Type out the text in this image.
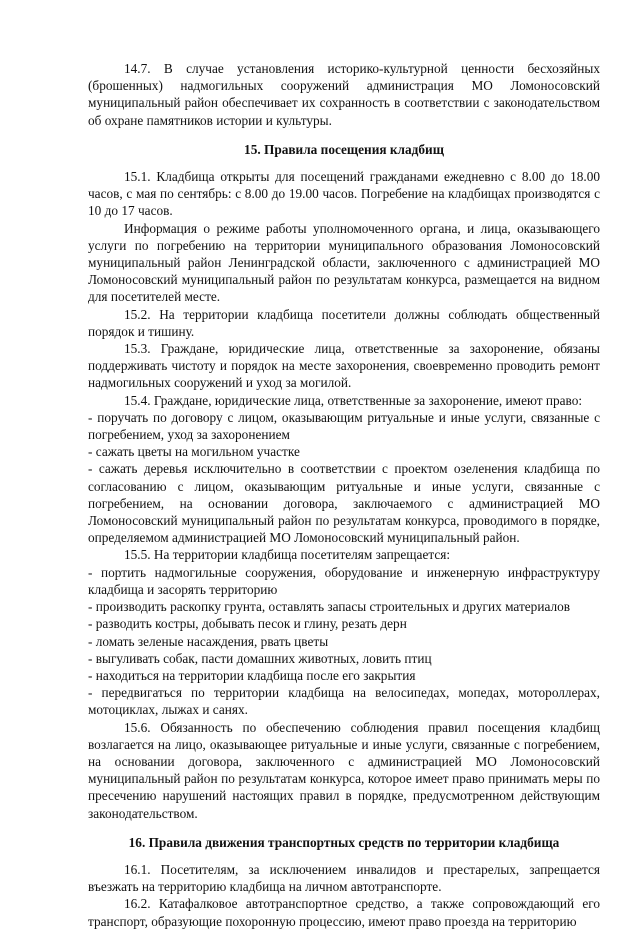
14.7. В случае установления историко-культурной ценности бесхозяйных (брошенных) надмогильных сооружений администрация МО Ломоносовский муниципальный район обеспечивает их сохранность в соответствии с законодательством об охране памятников истории и культуры.

15. Правила посещения кладбищ

15.1. Кладбища открыты для посещений гражданами ежедневно с 8.00 до 18.00 часов, с мая по сентябрь: с 8.00 до 19.00 часов. Погребение на кладбищах производятся с 10 до 17 часов.

Информация о режиме работы уполномоченного органа, и лица, оказывающего услуги по погребению на территории муниципального образования Ломоносовский муниципальный район Ленинградской области, заключенного с администрацией МО Ломоносовский муниципальный район по результатам конкурса, размещается на видном для посетителей месте.

15.2. На территории кладбища посетители должны соблюдать общественный порядок и тишину.

15.3. Граждане, юридические лица, ответственные за захоронение, обязаны поддерживать чистоту и порядок на месте захоронения, своевременно проводить ремонт надмогильных сооружений и уход за могилой.

15.4. Граждане, юридические лица, ответственные за захоронение, имеют право:

- поручать по договору с лицом, оказывающим ритуальные и иные услуги, связанные с погребением, уход за захоронением

- сажать цветы на могильном участке

- сажать деревья исключительно в соответствии с проектом озеленения кладбища по согласованию с лицом, оказывающим ритуальные и иные услуги, связанные с погребением, на основании договора, заключаемого с администрацией МО Ломоносовский муниципальный район по результатам конкурса, проводимого в порядке, определяемом администрацией МО Ломоносовский муниципальный район.

15.5. На территории кладбища посетителям запрещается:

- портить надмогильные сооружения, оборудование и инженерную инфраструктуру кладбища и засорять территорию

- производить раскопку грунта, оставлять запасы строительных и других материалов

- разводить костры, добывать песок и глину, резать дерн

- ломать зеленые насаждения, рвать цветы

- выгуливать собак, пасти домашних животных, ловить птиц

- находиться на территории кладбища после его закрытия

- передвигаться по территории кладбища на велосипедах, мопедах, мотороллерах, мотоциклах, лыжах и санях.

15.6. Обязанность по обеспечению соблюдения правил посещения кладбищ возлагается на лицо, оказывающее ритуальные и иные услуги, связанные с погребением, на основании договора, заключенного с администрацией МО Ломоносовский муниципальный район по результатам конкурса, которое имеет право принимать меры по пресечению нарушений настоящих правил в порядке, предусмотренном действующим законодательством.

16. Правила движения транспортных средств по территории кладбища

16.1. Посетителям, за исключением инвалидов и престарелых, запрещается въезжать на территорию кладбища на личном автотранспорте.

16.2. Катафалковое автотранспортное средство, а также сопровождающий его транспорт, образующие похоронную процессию, имеют право проезда на территорию
